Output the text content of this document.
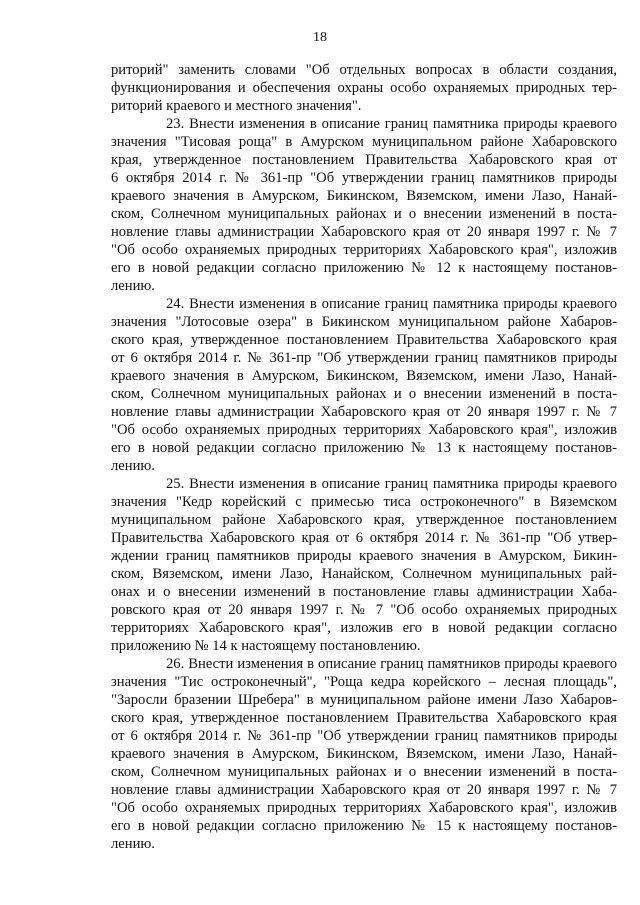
18
риторий" заменить словами "Об отдельных вопросах в области создания,
функционирования и обеспечения охраны особо охраняемых природных тер-
риторий краевого и местного значения".
23. Внести изменения в описание границ памятника природы краевого
значения "Тисовая роща" в Амурском муниципальном районе Хабаровского
края, утвержденное постановлением Правительства Хабаровского края от
6 октября 2014 г. № 361-пр "Об утверждении границ памятников природы
краевого значения в Амурском, Бикинском, Вяземском, имени Лазо, Нанай-
ском, Солнечном муниципальных районах и о внесении изменений в поста-
новление главы администрации Хабаровского края от 20 января 1997 г. № 7
"Об особо охраняемых природных территориях Хабаровского края", изложив
его в новой редакции согласно приложению № 12 к настоящему постанов-
лению.
24. Внести изменения в описание границ памятника природы краевого
значения "Лотосовые озера" в Бикинском муниципальном районе Хабаров-
ского края, утвержденное постановлением Правительства Хабаровского края
от 6 октября 2014 г. № 361-пр "Об утверждении границ памятников природы
краевого значения в Амурском, Бикинском, Вяземском, имени Лазо, Нанай-
ском, Солнечном муниципальных районах и о внесении изменений в поста-
новление главы администрации Хабаровского края от 20 января 1997 г. № 7
"Об особо охраняемых природных территориях Хабаровского края", изложив
его в новой редакции согласно приложению № 13 к настоящему постанов-
лению.
25. Внести изменения в описание границ памятника природы краевого
значения "Кедр корейский с примесью тиса остроконечного" в Вяземском
муниципальном районе Хабаровского края, утвержденное постановлением
Правительства Хабаровского края от 6 октября 2014 г. № 361-пр "Об утвер-
ждении границ памятников природы краевого значения в Амурском, Бикин-
ском, Вяземском, имени Лазо, Нанайском, Солнечном муниципальных рай-
онах и о внесении изменений в постановление главы администрации Хаба-
ровского края от 20 января 1997 г. № 7 "Об особо охраняемых природных
территориях Хабаровского края", изложив его в новой редакции согласно
приложению № 14 к настоящему постановлению.
26. Внести изменения в описание границ памятников природы краевого
значения "Тис остроконечный", "Роща кедра корейского – лесная площадь",
"Заросли бразении Шребера" в муниципальном районе имени Лазо Хабаров-
ского края, утвержденное постановлением Правительства Хабаровского края
от 6 октября 2014 г. № 361-пр "Об утверждении границ памятников природы
краевого значения в Амурском, Бикинском, Вяземском, имени Лазо, Нанай-
ском, Солнечном муниципальных районах и о внесении изменений в поста-
новление главы администрации Хабаровского края от 20 января 1997 г. № 7
"Об особо охраняемых природных территориях Хабаровского края", изложив
его в новой редакции согласно приложению № 15 к настоящему постанов-
лению.
